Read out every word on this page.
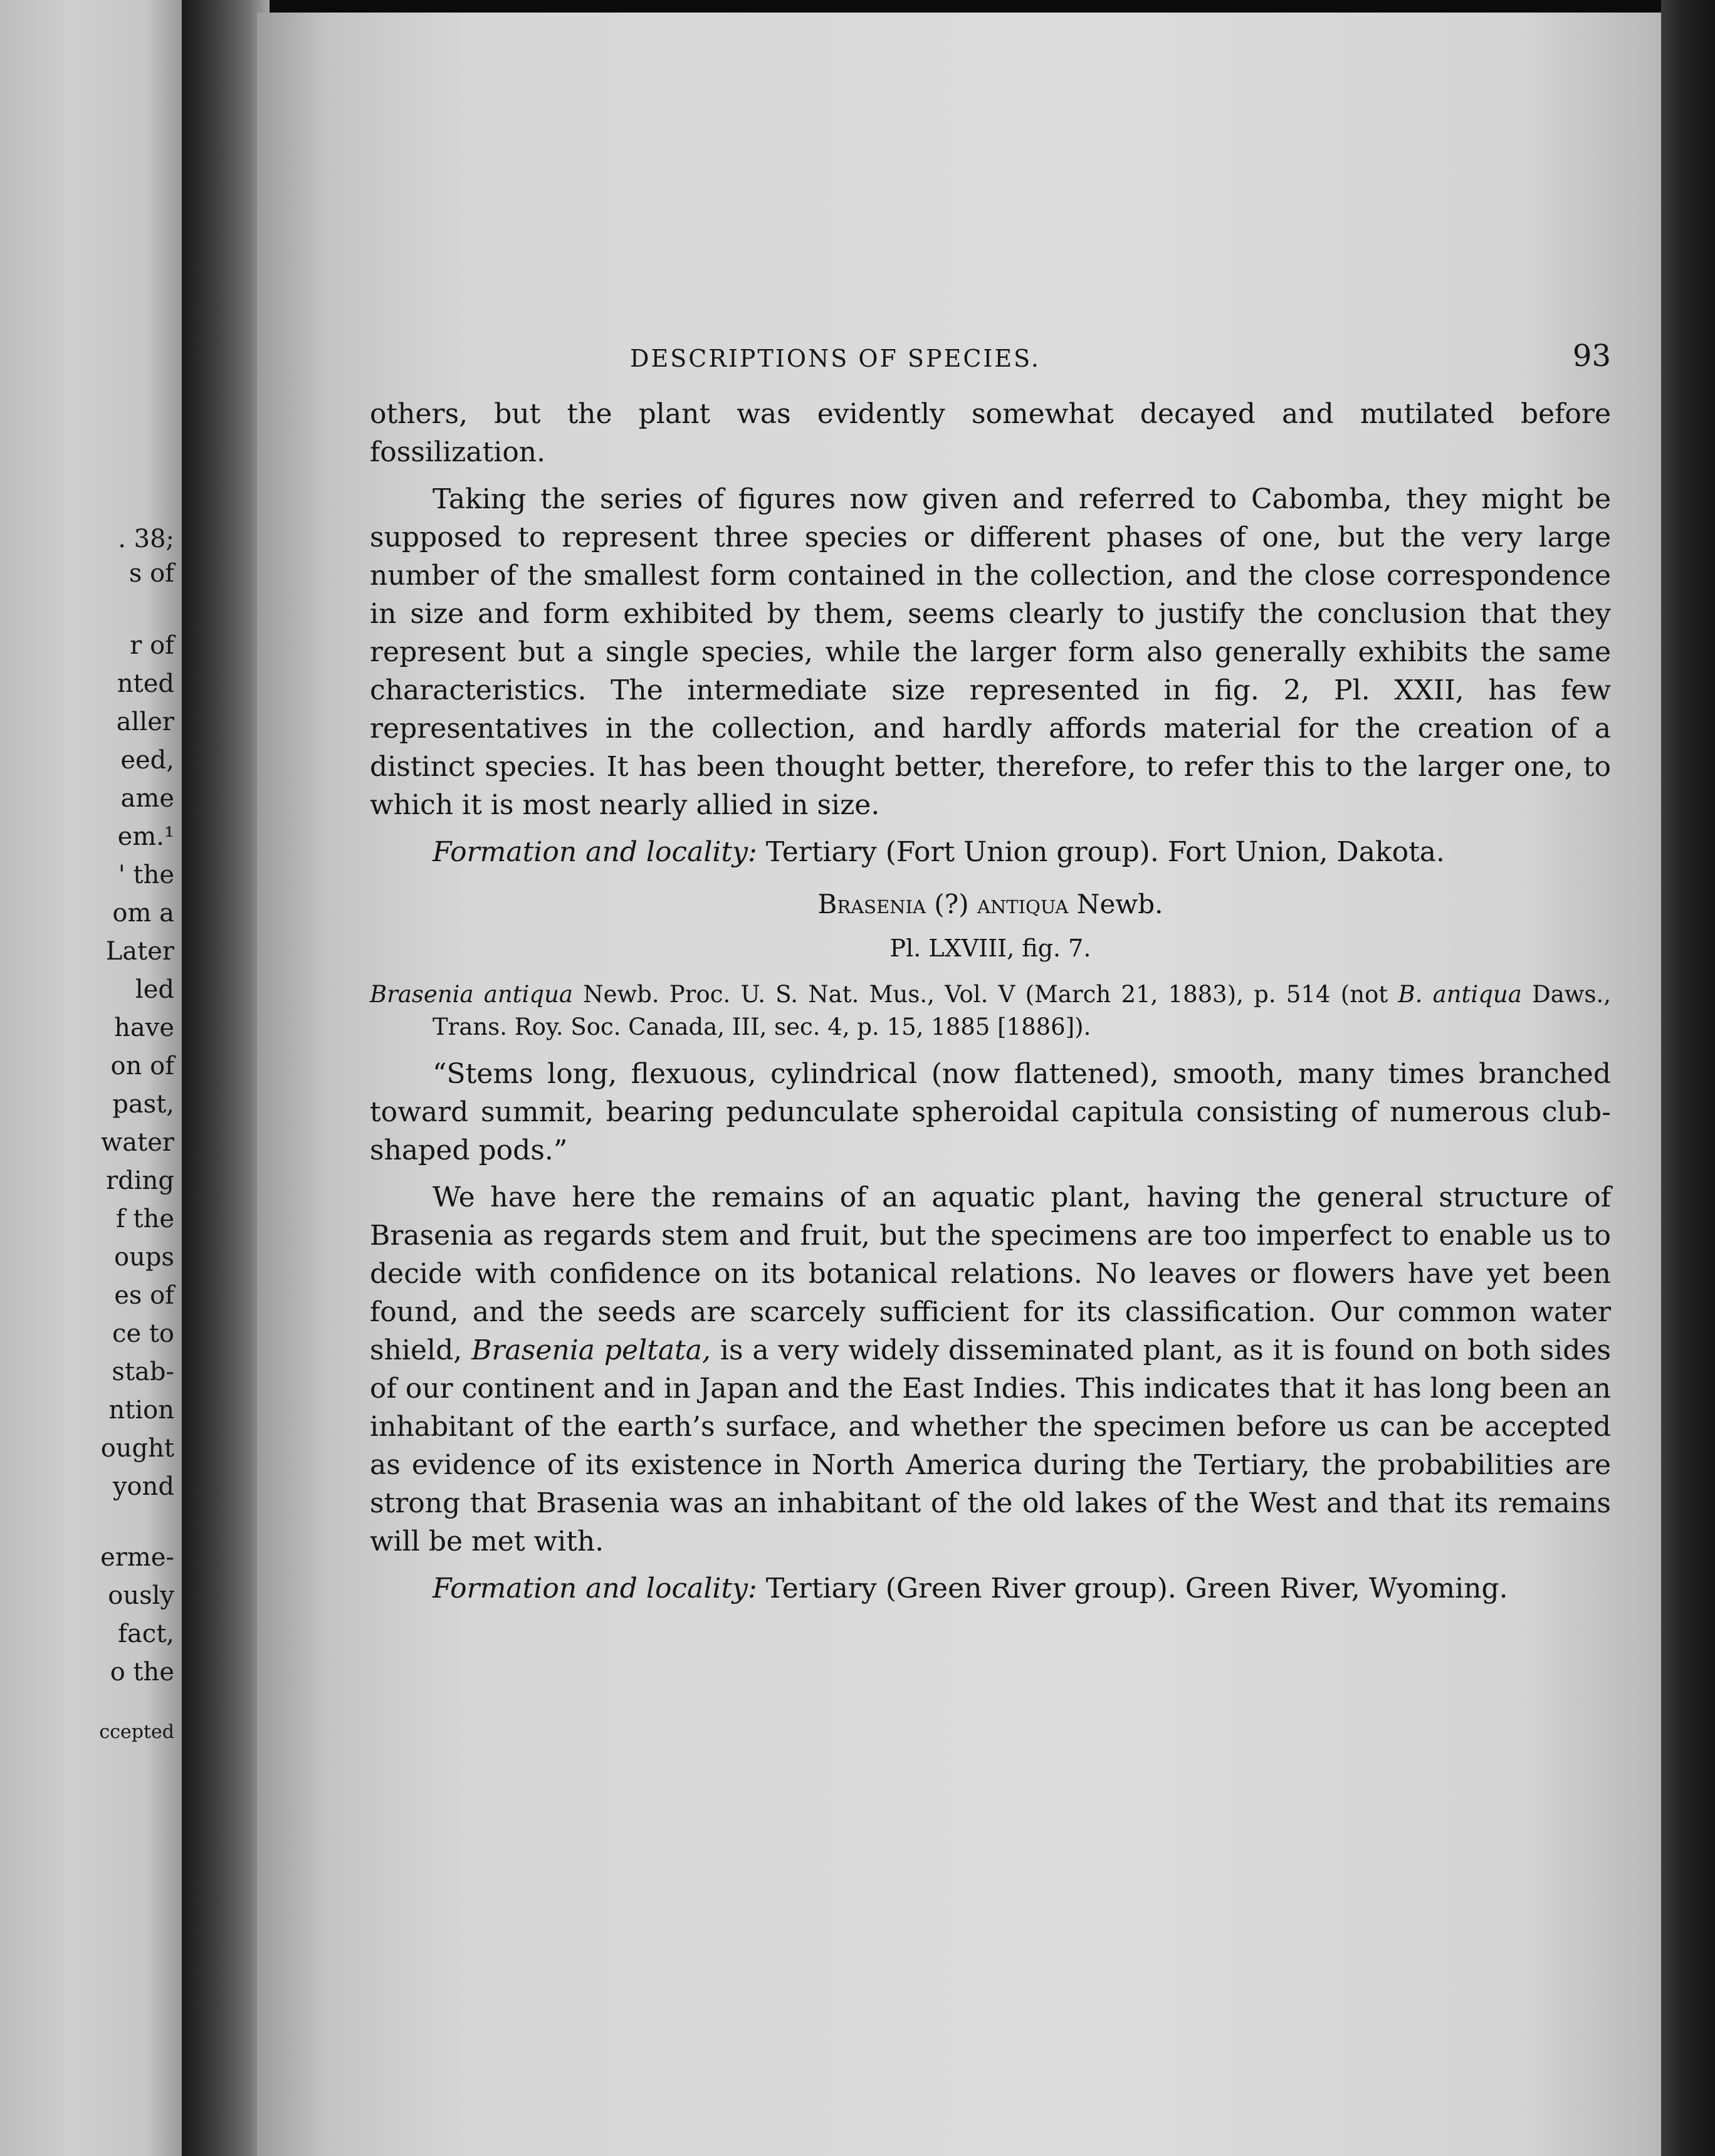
. 38;
s of
r of
nted
aller
eed,
ame
em.¹
' the
om a
Later
led
have
on of
past,
water
rding
f the
oups
es of
ce to
stab-
ntion
ought
yond
erme-
ously
fact,
o the
ccepted
DESCRIPTIONS OF SPECIES.	93

others, but the plant was evidently somewhat decayed and mutilated before fossilization.

Taking the series of figures now given and referred to Cabomba, they might be supposed to represent three species or different phases of one, but the very large number of the smallest form contained in the collection, and the close correspondence in size and form exhibited by them, seems clearly to justify the conclusion that they represent but a single species, while the larger form also generally exhibits the same characteristics. The intermediate size represented in fig. 2, Pl. XXII, has few representatives in the collection, and hardly affords material for the creation of a distinct species. It has been thought better, therefore, to refer this to the larger one, to which it is most nearly allied in size.

Formation and locality: Tertiary (Fort Union group). Fort Union, Dakota.

Brasenia (?) antiqua Newb.
Pl. LXVIII, fig. 7.

Brasenia antiqua Newb. Proc. U. S. Nat. Mus., Vol. V (March 21, 1883), p. 514 (not B. antiqua Daws., Trans. Roy. Soc. Canada, III, sec. 4, p. 15, 1885 [1886]).

“Stems long, flexuous, cylindrical (now flattened), smooth, many times branched toward summit, bearing pedunculate spheroidal capitula consisting of numerous club-shaped pods.”

We have here the remains of an aquatic plant, having the general structure of Brasenia as regards stem and fruit, but the specimens are too imperfect to enable us to decide with confidence on its botanical relations. No leaves or flowers have yet been found, and the seeds are scarcely sufficient for its classification. Our common water shield, Brasenia peltata, is a very widely disseminated plant, as it is found on both sides of our continent and in Japan and the East Indies. This indicates that it has long been an inhabitant of the earth’s surface, and whether the specimen before us can be accepted as evidence of its existence in North America during the Tertiary, the probabilities are strong that Brasenia was an inhabitant of the old lakes of the West and that its remains will be met with.

Formation and locality: Tertiary (Green River group). Green River, Wyoming.
